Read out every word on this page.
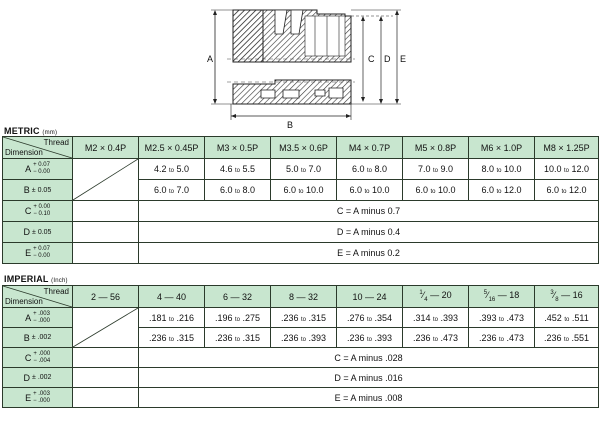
A
B
C D E
METRIC (mm)
Thread
Dimension	M2 × 0.4P	M2.5 × 0.45P	M3 × 0.5P	M3.5 × 0.6P	M4 × 0.7P	M5 × 0.8P	M6 × 1.0P	M8 × 1.25P

A + 0.07
− 0.00		4.2 to 5.0	4.6 to 5.5	5.0 to 7.0	6.0 to 8.0	7.0 to 9.0	8.0 to 10.0	10.0 to 12.0

B ± 0.05		6.0 to 7.0	6.0 to 8.0	6.0 to 10.0	6.0 to 10.0	6.0 to 10.0	6.0 to 12.0	6.0 to 12.0

C + 0.00
− 0.10		C = A minus 0.7						

D ± 0.05		D = A minus 0.4						

E + 0.07
− 0.00		E = A minus 0.2						
IMPERIAL (Inch)
Thread
Dimension	2 — 56	4 — 40	6 — 32	8 — 32	10 — 24	$^1⁄_4$ — 20	$^5⁄_{16}$ — 18	$^3⁄_8$ — 16

A + .003
− .000		.181 to .216	.196 to .275	.236 to .315	.276 to .354	.314 to .393	.393 to .473	.452 to .511

B ± .002		.236 to .315	.236 to .315	.236 to .393	.236 to .393	.236 to .473	.236 to .473	.236 to .551

C + .000
− .004		C = A minus .028						

D ± .002		D = A minus .016						

E + .003
− .000		E = A minus .008						
